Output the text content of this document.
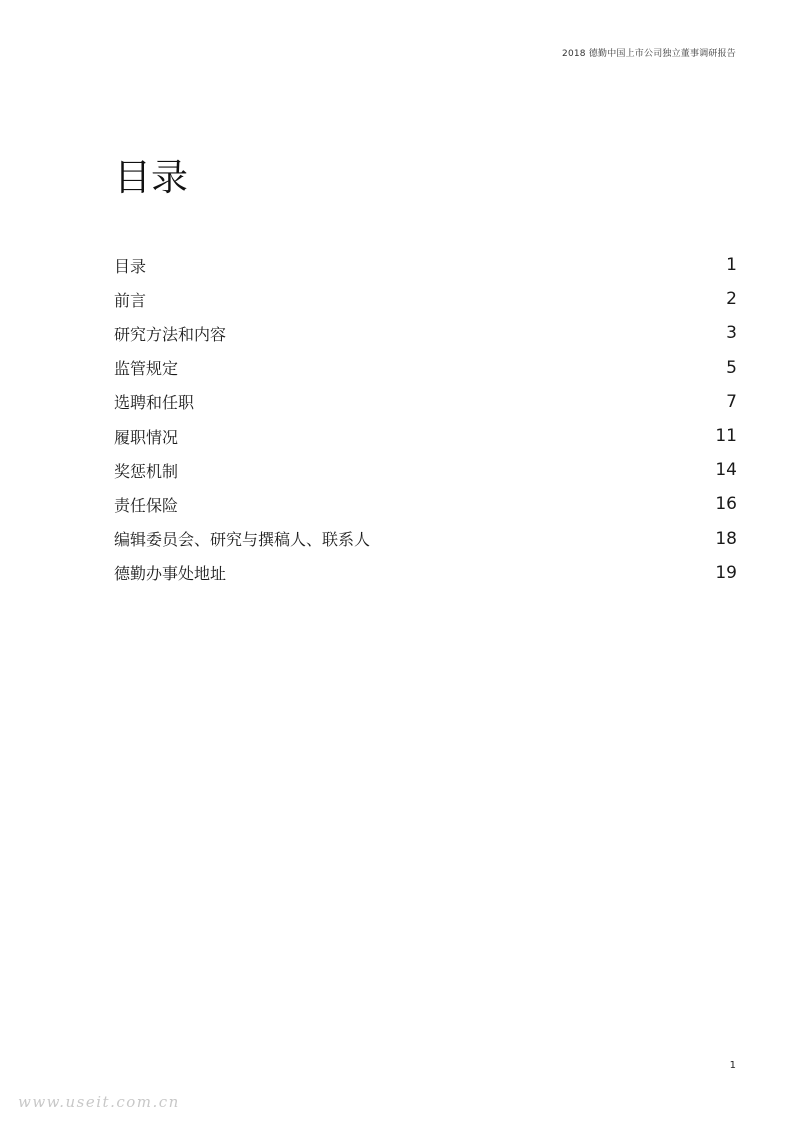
2018 德勤中国上市公司独立董事调研报告
目录
目录	1
前言	2
研究方法和内容	3
监管规定	5
选聘和任职	7
履职情况	11
奖惩机制	14
责任保险	16
编辑委员会、研究与撰稿人、联系人	18
德勤办事处地址	19
1
www.useit.com.cn
